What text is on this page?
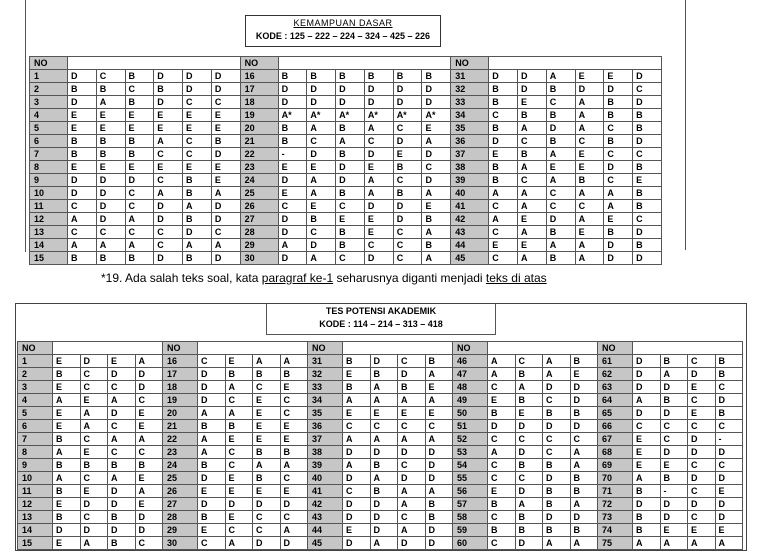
KEMAMPUAN DASAR
KODE : 125 – 222 – 224 – 324 – 425 – 226
NO							NO							NO						
1	D	C	B	D	D	D	16	B	B	B	B	B	B	31	D	D	A	E	E	D
2	B	B	C	B	D	D	17	D	D	D	D	D	D	32	B	D	B	D	D	C
3	D	A	B	D	C	C	18	D	D	D	D	D	D	33	B	E	C	A	B	D
4	E	E	E	E	E	E	19	A*	A*	A*	A*	A*	A*	34	C	B	B	A	B	B
5	E	E	E	E	E	E	20	B	A	B	A	C	E	35	B	A	D	A	C	B
6	B	B	B	A	C	B	21	B	C	A	C	D	A	36	D	C	B	C	B	D
7	B	B	B	C	C	D	22	-	D	B	D	E	D	37	E	B	A	E	C	C
8	E	E	E	E	E	E	23	E	E	D	E	B	C	38	B	A	E	E	D	B
9	D	D	D	C	B	E	24	D	A	D	A	C	D	39	B	C	A	B	C	E
10	D	D	C	A	B	A	25	E	A	B	A	B	A	40	A	A	C	A	A	B
11	C	D	C	D	A	D	26	C	E	C	D	D	E	41	C	A	C	C	A	B
12	A	D	A	D	B	D	27	D	B	E	E	D	B	42	A	E	D	A	E	C
13	C	C	C	C	D	C	28	D	C	B	E	C	A	43	C	A	B	E	B	D
14	A	A	A	C	A	A	29	A	D	B	C	C	B	44	E	E	A	A	D	B
15	B	B	B	D	B	D	30	D	A	C	D	C	A	45	C	A	B	A	D	D
*19. Ada salah teks soal, kata paragraf ke-1 seharusnya diganti menjadi teks di atas
TES POTENSI AKADEMIK
KODE : 114 – 214 – 313 – 418
NO					NO					NO					NO					NO				
1	E	D	E	A	16	C	E	A	A	31	B	D	C	B	46	A	C	A	B	61	D	B	C	B
2	B	C	D	D	17	D	B	B	B	32	E	B	D	A	47	A	B	A	E	62	D	A	D	B
3	E	C	C	D	18	D	A	C	E	33	B	A	B	E	48	C	A	D	D	63	D	D	E	C
4	A	E	A	C	19	D	C	E	C	34	A	A	A	A	49	E	B	C	D	64	A	B	C	D
5	E	A	D	E	20	A	A	E	C	35	E	E	E	E	50	B	E	B	B	65	D	D	E	B
6	E	A	C	E	21	B	B	E	E	36	C	C	C	C	51	D	D	D	D	66	C	C	C	C
7	B	C	A	A	22	A	E	E	E	37	A	A	A	A	52	C	C	C	C	67	E	C	D	-
8	A	E	C	C	23	A	C	B	B	38	D	D	D	D	53	A	D	C	A	68	E	D	D	D
9	B	B	B	B	24	B	C	A	A	39	A	B	C	D	54	C	B	B	A	69	E	E	C	C
10	A	C	A	E	25	D	E	B	C	40	D	A	D	D	55	C	C	D	B	70	A	B	D	D
11	B	E	D	A	26	E	E	E	E	41	C	B	A	A	56	E	D	B	B	71	B	-	C	E
12	E	D	D	E	27	D	D	D	D	42	D	D	A	B	57	B	A	B	A	72	D	D	D	D
13	B	C	B	D	28	B	E	C	C	43	D	D	C	B	58	C	B	D	D	73	B	D	C	D
14	D	D	D	D	29	E	C	C	A	44	E	D	A	D	59	B	B	B	B	74	B	E	E	E
15	E	A	B	C	30	C	A	D	D	45	D	A	D	D	60	C	D	A	A	75	A	A	A	A
